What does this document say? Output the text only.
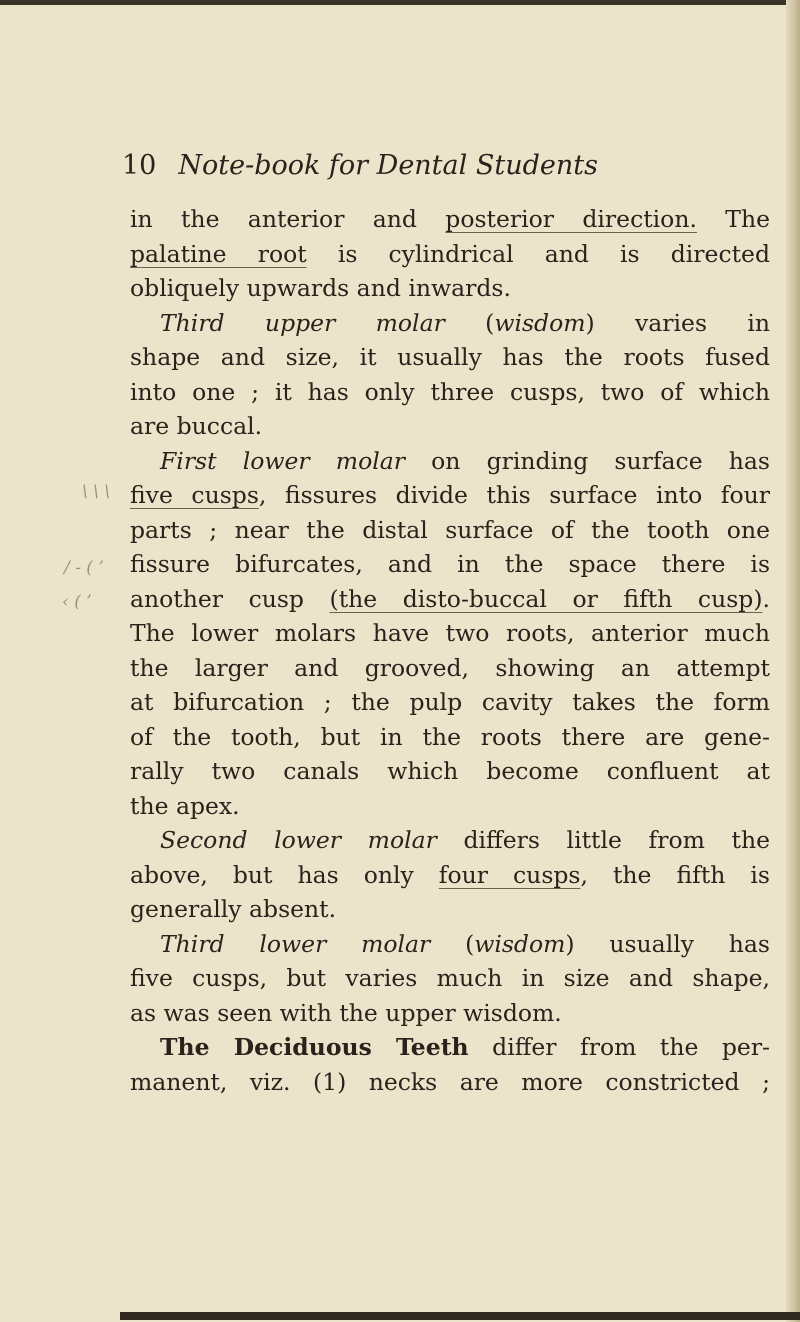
10 Note-book for Dental Students
\ \ \
/ - ( ’
‹ ( ’
in the anterior and posterior direction. The
palatine root is cylindrical and is directed
obliquely upwards and inwards.
Third upper molar (wisdom) varies in
shape and size, it usually has the roots fused
into one ; it has only three cusps, two of which
are buccal.
First lower molar on grinding surface has
five cusps, fissures divide this surface into four
parts ; near the distal surface of the tooth one
fissure bifurcates, and in the space there is
another cusp (the disto-buccal or fifth cusp).
The lower molars have two roots, anterior much
the larger and grooved, showing an attempt
at bifurcation ; the pulp cavity takes the form
of the tooth, but in the roots there are gene-
rally two canals which become confluent at
the apex.
Second lower molar differs little from the
above, but has only four cusps, the fifth is
generally absent.
Third lower molar (wisdom) usually has
five cusps, but varies much in size and shape,
as was seen with the upper wisdom.
The Deciduous Teeth differ from the per-
manent, viz. (1) necks are more constricted ;
